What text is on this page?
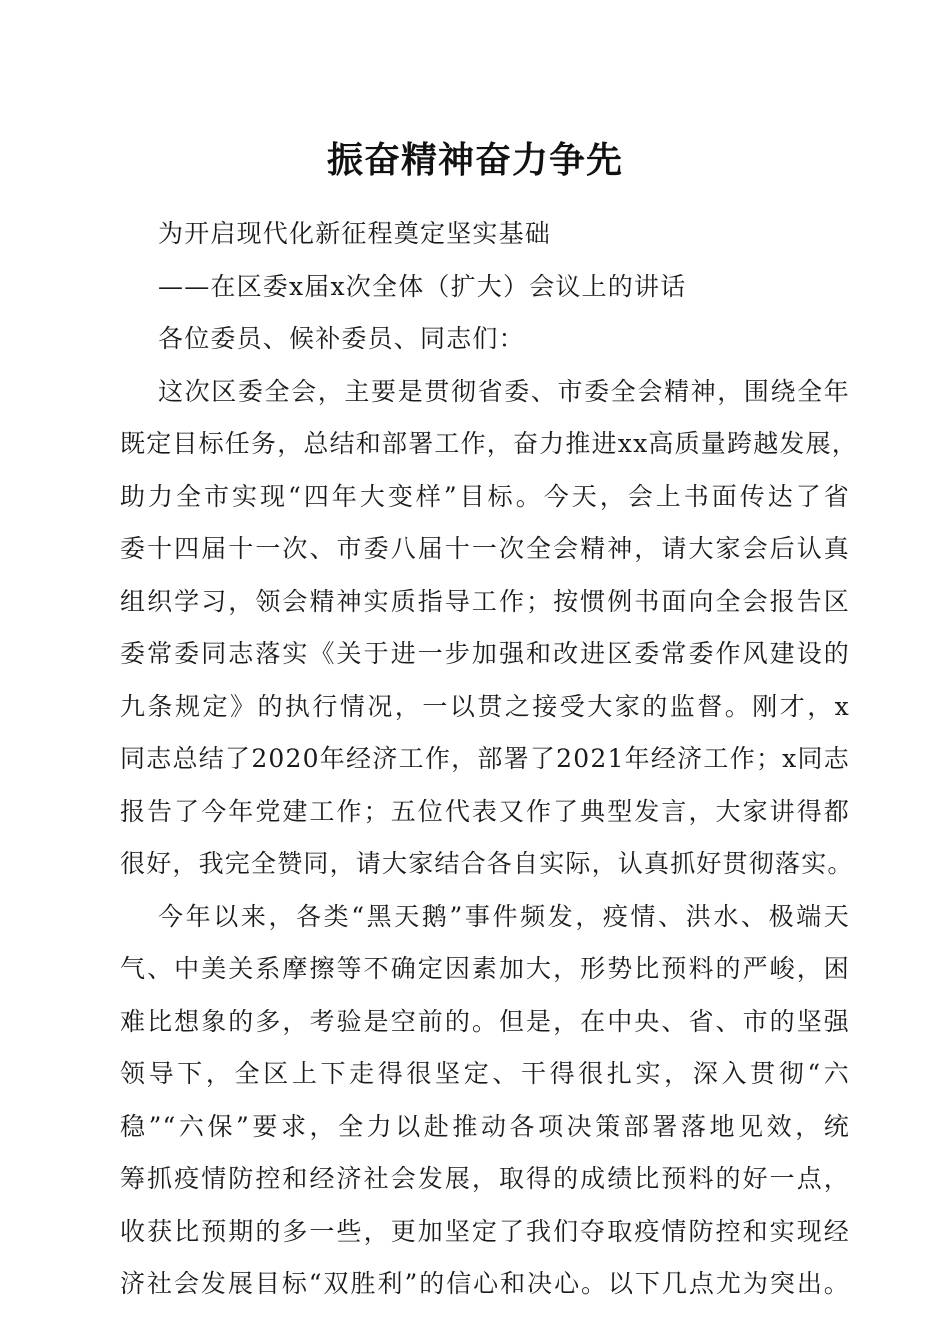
振奋精神奋力争先
为开启现代化新征程奠定坚实基础
——在区委x届x次全体（扩大）会议上的讲话
各位委员、候补委员、同志们：
这次区委全会，主要是贯彻省委、市委全会精神，围绕全年
既定目标任务，总结和部署工作，奋力推进xx高质量跨越发展，
助力全市实现“四年大变样”目标。今天，会上书面传达了省
委十四届十一次、市委八届十一次全会精神，请大家会后认真
组织学习，领会精神实质指导工作；按惯例书面向全会报告区
委常委同志落实《关于进一步加强和改进区委常委作风建设的
九条规定》的执行情况，一以贯之接受大家的监督。刚才，x
同志总结了2020年经济工作，部署了2021年经济工作；x同志
报告了今年党建工作；五位代表又作了典型发言，大家讲得都
很好，我完全赞同，请大家结合各自实际，认真抓好贯彻落实。
今年以来，各类“黑天鹅”事件频发，疫情、洪水、极端天
气、中美关系摩擦等不确定因素加大，形势比预料的严峻，困
难比想象的多，考验是空前的。但是，在中央、省、市的坚强
领导下，全区上下走得很坚定、干得很扎实，深入贯彻“六
稳”“六保”要求，全力以赴推动各项决策部署落地见效，统
筹抓疫情防控和经济社会发展，取得的成绩比预料的好一点，
收获比预期的多一些，更加坚定了我们夺取疫情防控和实现经
济社会发展目标“双胜利”的信心和决心。以下几点尤为突出。
